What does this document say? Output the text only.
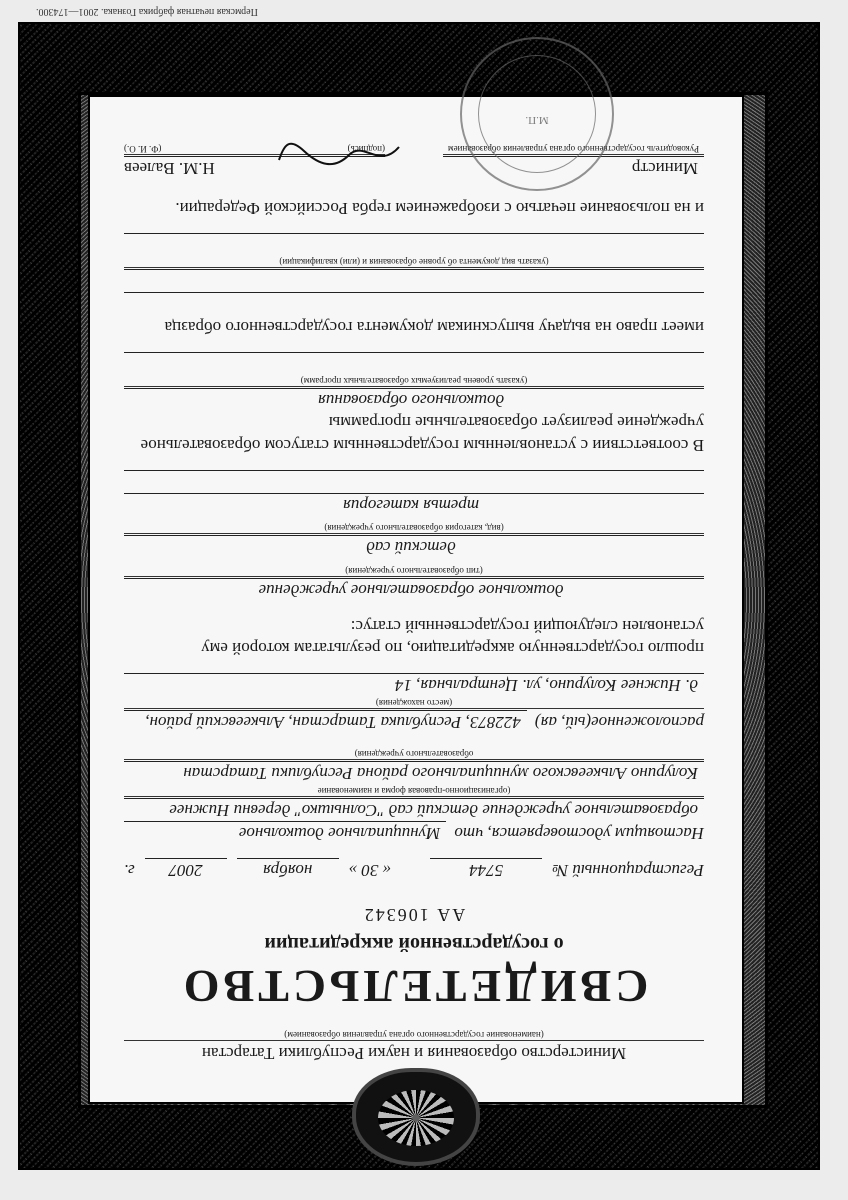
Пермская печатная фабрика Гознака. 2001—174300.
Министерство образования и науки Республики Татарстан
(наименование государственного органа управления образованием)
СВИДЕТЕЛЬСТВО
о государственной аккредитации
АА 106342
Регистрационный №
5744
« 30 »
ноября
2007
г.
Настоящим удостоверяется, что
Муниципальное дошкольное
образовательное учреждение детский сад "Солнышко" деревни Нижнее
(организационно-правовая форма и наименование
Колурино Алькеевского муниципального района Республики Татарстан
образовательного учреждения)
расположенное(ый, ая)
422873, Республика Татарстан, Алькеевский район,
(место нахождения)
д. Нижнее Колурино, ул. Центральная, 14
прошло государственную аккредитацию, по результатам которой ему установлен следующий государственный статус:
дошкольное образовательное учреждение
(тип образовательного учреждения)
детский сад
(вид, категория образовательного учреждения)
третья категория
В соответствии с установленным государственным статусом образовательное учреждение реализует образовательные программы
дошкольного образования
(указать уровень реализуемых образовательных программ)
имеет право на выдачу выпускникам документа государственного образца
(указать вид документа об уровне образования и (или) квалификации)
и на пользование печатью с изображением герба Российской Федерации.
М.П.
Министр
Руководитель государственного органа управления образованием
Н.М. Валеев
(подпись)
(Ф. И. О.)
